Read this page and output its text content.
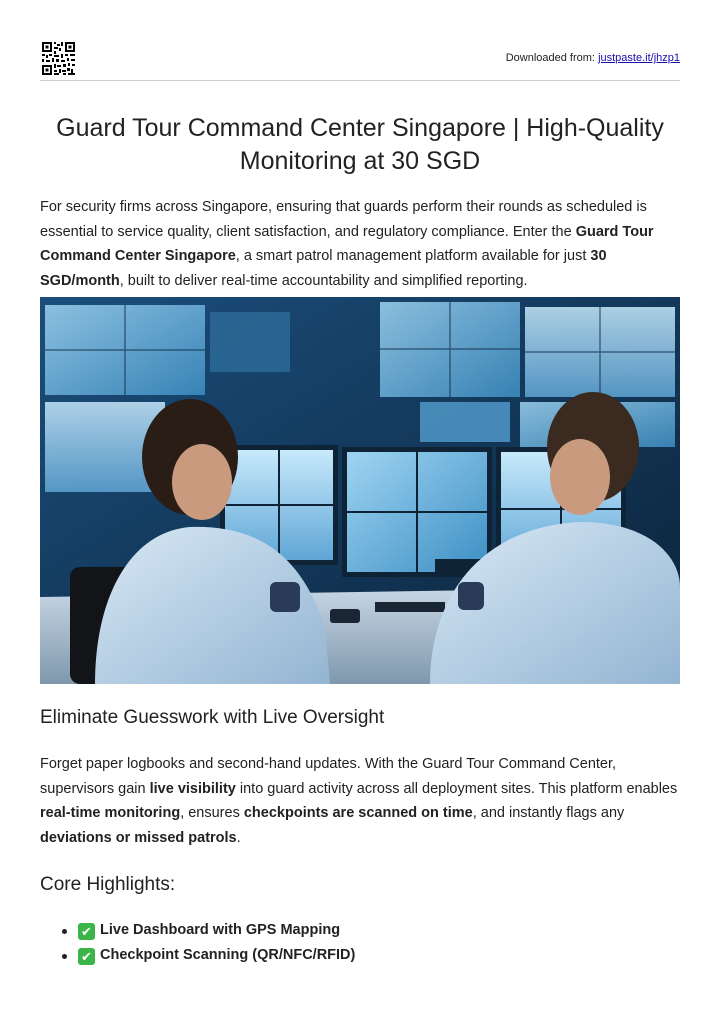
Downloaded from: justpaste.it/jhzp1
Guard Tour Command Center Singapore | High-Quality Monitoring at 30 SGD

For security firms across Singapore, ensuring that guards perform their rounds as scheduled is essential to service quality, client satisfaction, and regulatory compliance. Enter the Guard Tour Command Center Singapore, a smart patrol management platform available for just 30 SGD/month, built to deliver real-time accountability and simplified reporting.

Eliminate Guesswork with Live Oversight

Forget paper logbooks and second-hand updates. With the Guard Tour Command Center, supervisors gain live visibility into guard activity across all deployment sites. This platform enables real-time monitoring, ensures checkpoints are scanned on time, and instantly flags any deviations or missed patrols.

Core Highlights:
✔ Live Dashboard with GPS Mapping
✔ Checkpoint Scanning (QR/NFC/RFID)
